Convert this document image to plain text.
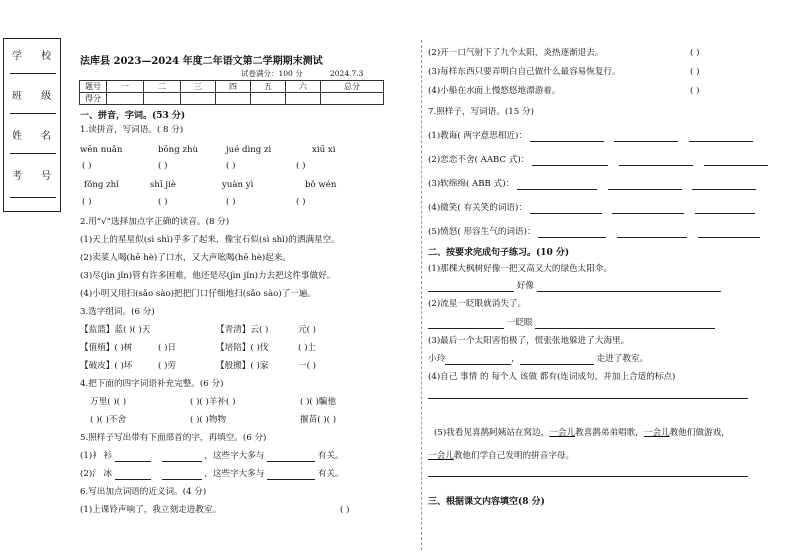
学 校
班 级
姓 名
考 号
法库县 2023—2024 年度二年语文第二学期期末测试
试卷满分：100 分	2024.7.3
题号	一	二	三	四	五	六	总分
得分							
一、拼音，字词。(53 分)
1.读拼音，写词语。( 8 分)
wēn nuǎn	bōng zhù	jué dìng zì	xiū xi
( )	( )	( )	( )
fǒng zhǐ	shī jiè	yuàn yì	bǒ wén
( )	( )	( )	( )
2.用“√”选择加点字正确的读音。(8 分)
(1)天上的星星似(sì shì)乎多了起来，像宝石似(sì shì)的洒满星空。
(2)卖菜人喝(hē hè)了口水，又大声吆喝(hē hè)起来。
(3)尽(jìn jǐn)管有许多困难，他还是尽(jìn jǐn)力去把这件事做好。
(4)小明又用扫(sǎo sào)把把门口仔细地扫(sǎo sào)了一遍。
3.选字组词。(6 分)
【监篮】蓝( )( )天	【青清】云( )	元( )
【值植】( )树	( )日	【培陪】( )伐	( )土
【破皮】( )坏	( )劳	【般搬】( )家	一( )
4.把下面的四字词语补充完整。(6 分)
万里( )( )	( )( )羊补( )	( )( )騙他
( )( )不舍	( )( )物物	揠苗( )( )
5.照样子写出带有下面部首的字，再填空。(6 分)
(1)衤 衫	，这些字大多与	有关。
(2)氵 冰	，这些字大多与	有关。
6.写出加点词语的近义词。(4 分)
(1)上课铃声响了，我立刻走进教室。	( )
(2)开一口气射下了九个太阳，炎热逐渐退去。	( )
(3)每样东西只要弄明白自己做什么最容易恢复行。	( )
(4)小船在水面上慢悠悠地漂游着。	( )
7.照样子，写词语。(15 分)
(1)教诲( 两字意思相近)：
(2)恋恋不舍( AABC 式)：
(3)软绵绵( ABB 式)：
(4)微笑( 有关笑的词语)：
(5)愤怒( 形容生气的词语)：
二、按要求完成句子练习。(10 分)
(1)那棵大枫树好像一把又高又大的绿色太阳伞。
好像
(2)流星一眨眼就消失了。
一眨眼
(3)最后一个太阳害怕极了，慌张张地躲进了大海里。
小玲	，	走进了教室。
(4)自己 事情 的 每个人 该做 都有(连词成句，并加上合适的标点)
(5)我看见喜鹊阿姨站在窝边，一会儿教喜鹊弟弟唱歌，一会儿教他们做游戏，
一会儿教他们学自己发明的拼音字母。
三、根据课文内容填空(8 分)
